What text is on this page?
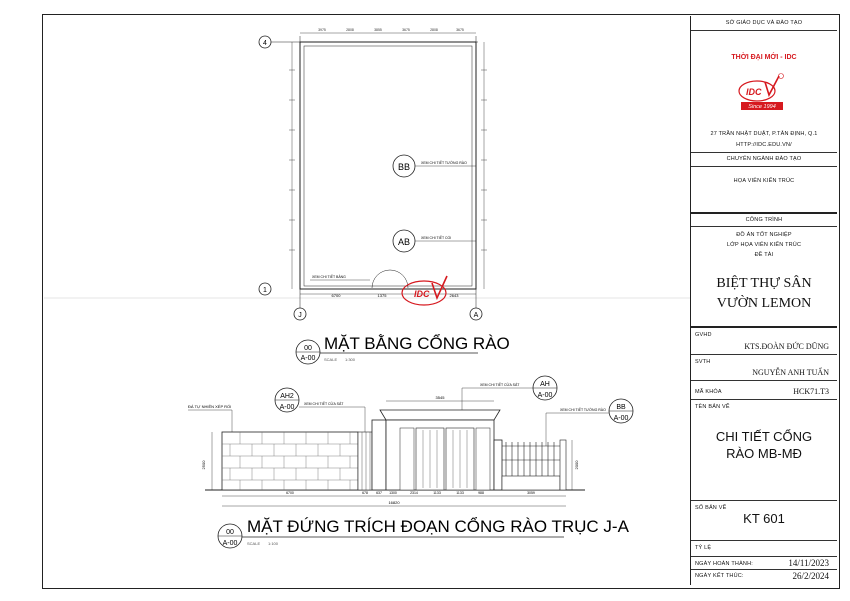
4
1
J	A
3975	2808	3855	3675	2808	3675
BB	XEM CHI TIẾT TƯỜNG RÀO
AB	XEM CHI TIẾT CỔI
XEM CHI TIẾT BẢNG
6700	1375	2643
IDC
00
A-00
MẶT BẰNG CỔNG RÀO
SCALE 1:300
2500	2000
3545
6700	678 637 1300	2314	1133	1133	988	3059
16820
ĐÁ TỰ NHIÊN XẾP RỐI
AH2
A-00	XEM CHI TIẾT CỬA SẮT
AH
A-00
XEM CHI TIẾT CỬA SẮT
BB
A-00
XEM CHI TIẾT TƯỜNG RÀO
00
A-00
MẶT ĐỨNG TRÍCH ĐOẠN CỔNG RÀO TRỤC J-A
SCALE 1:100
SỞ GIÁO DỤC VÀ ĐÀO TẠO
THỜI ĐẠI MỚI - IDC
IDC
Since 1994
27 TRẦN NHẬT DUẬT, P.TÂN ĐỊNH, Q.1
HTTP://IDC.EDU.VN/
CHUYÊN NGÀNH ĐÀO TẠO
HỌA VIÊN KIẾN TRÚC
CÔNG TRÌNH
ĐỒ ÁN TỐT NGHIỆP
LỚP HỌA VIÊN KIẾN TRÚC
ĐỀ TÀI
BIỆT THỰ SÂN VƯỜN LEMON
GVHD
KTS.ĐOÀN ĐỨC DŨNG
SVTH
NGUYỄN ANH TUẤN
MÃ KHÓA	HCK71.T3
TÊN BẢN VẼ
CHI TIẾT CỔNG RÀO MB-MĐ
SỐ BẢN VẼ
KT 601
TỶ LỆ
NGÀY HOÀN THÀNH:	14/11/2023
NGÀY KẾT THÚC:	26/2/2024
